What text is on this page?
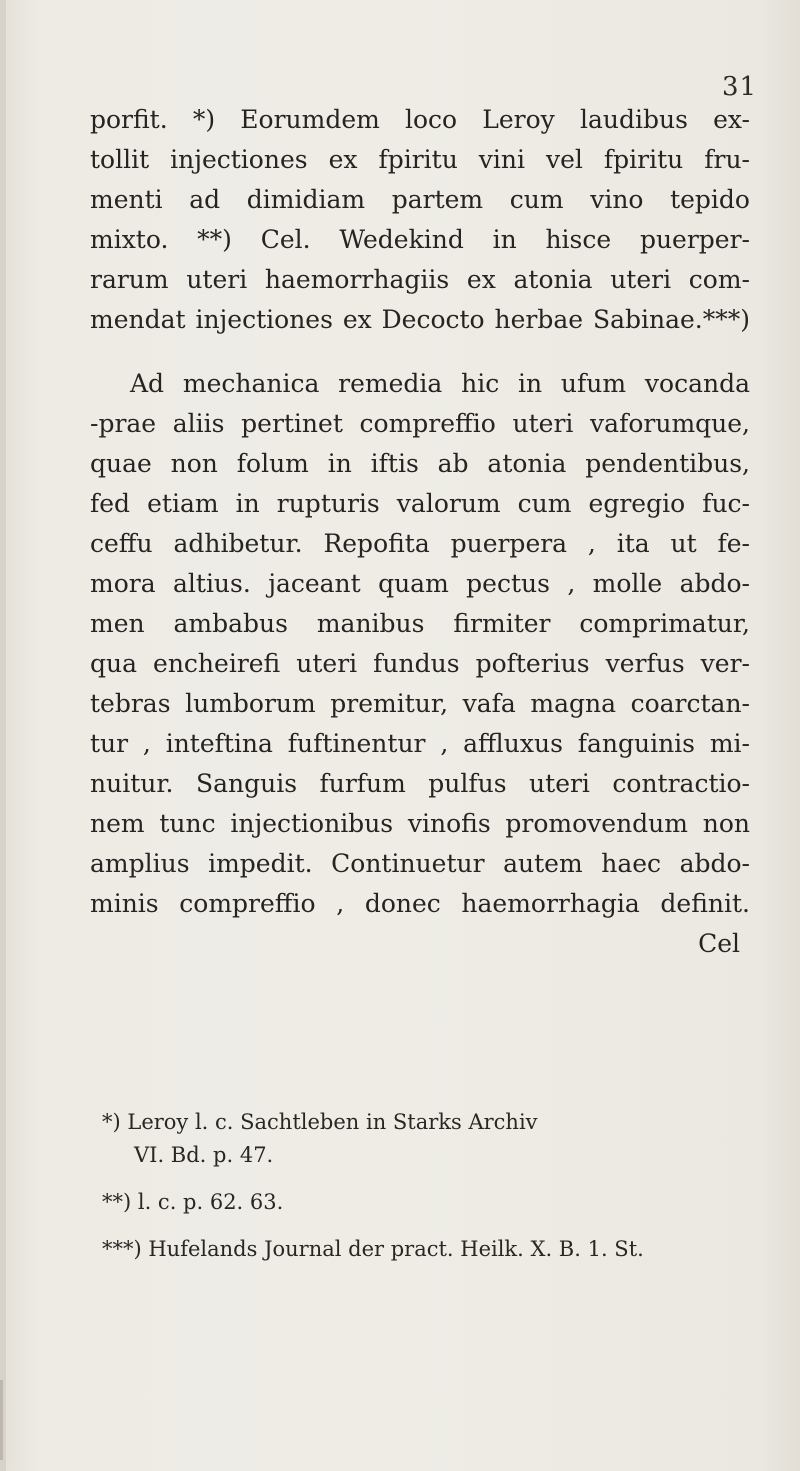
31
porfit. *) Eorumdem loco Leroy laudibus ex-
tollit injectiones ex fpiritu vini vel fpiritu fru-
menti ad dimidiam partem cum vino tepido
mixto. **) Cel. Wedekind in hisce puerper-
rarum uteri haemorrhagiis ex atonia uteri com-
mendat injectiones ex Decocto herbae Sabinae.***)
Ad mechanica remedia hic in ufum vocanda
-prae aliis pertinet compreffio uteri vaforumque,
quae non folum in iftis ab atonia pendentibus,
fed etiam in rupturis valorum cum egregio fuc-
ceffu adhibetur. Repofita puerpera , ita ut fe-
mora altius. jaceant quam pectus , molle abdo-
men ambabus manibus firmiter comprimatur,
qua encheirefi uteri fundus pofterius verfus ver-
tebras lumborum premitur, vafa magna coarctan-
tur , inteftina fuftinentur , affluxus fanguinis mi-
nuitur. Sanguis furfum pulfus uteri contractio-
nem tunc injectionibus vinofis promovendum non
amplius impedit. Continuetur autem haec abdo-
minis compreffio , donec haemorrhagia definit.
Cel
*) Leroy l. c. Sachtleben in Starks Archiv
VI. Bd. p. 47.
**) l. c. p. 62. 63.
***) Hufelands Journal der pract. Heilk. X. B. 1. St.
